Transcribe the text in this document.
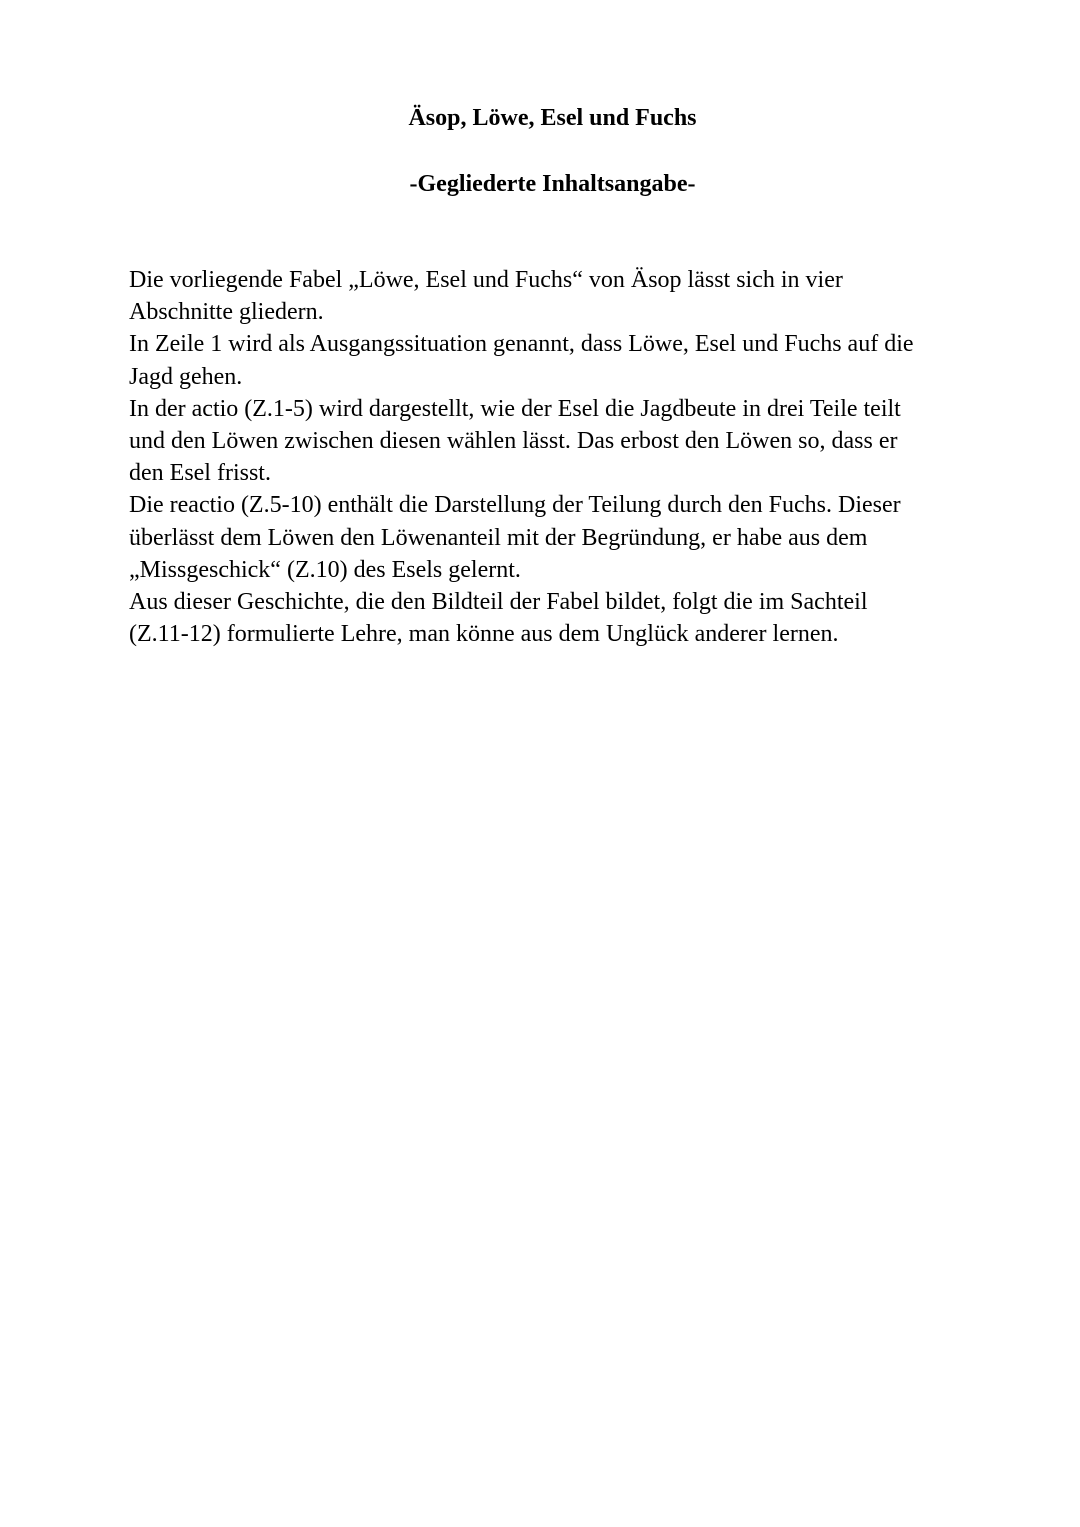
Äsop, Löwe, Esel und Fuchs
-Gegliederte Inhaltsangabe-
Die vorliegende Fabel „Löwe, Esel und Fuchs“ von Äsop lässt sich in vier
Abschnitte gliedern.
In Zeile 1 wird als Ausgangssituation genannt, dass Löwe, Esel und Fuchs auf die
Jagd gehen.
In der actio (Z.1-5) wird dargestellt, wie der Esel die Jagdbeute in drei Teile teilt
und den Löwen zwischen diesen wählen lässt. Das erbost den Löwen so, dass er
den Esel frisst.
Die reactio (Z.5-10) enthält die Darstellung der Teilung durch den Fuchs. Dieser
überlässt dem Löwen den Löwenanteil mit der Begründung, er habe aus dem
„Missgeschick“ (Z.10) des Esels gelernt.
Aus dieser Geschichte, die den Bildteil der Fabel bildet, folgt die im Sachteil
(Z.11-12) formulierte Lehre, man könne aus dem Unglück anderer lernen.
